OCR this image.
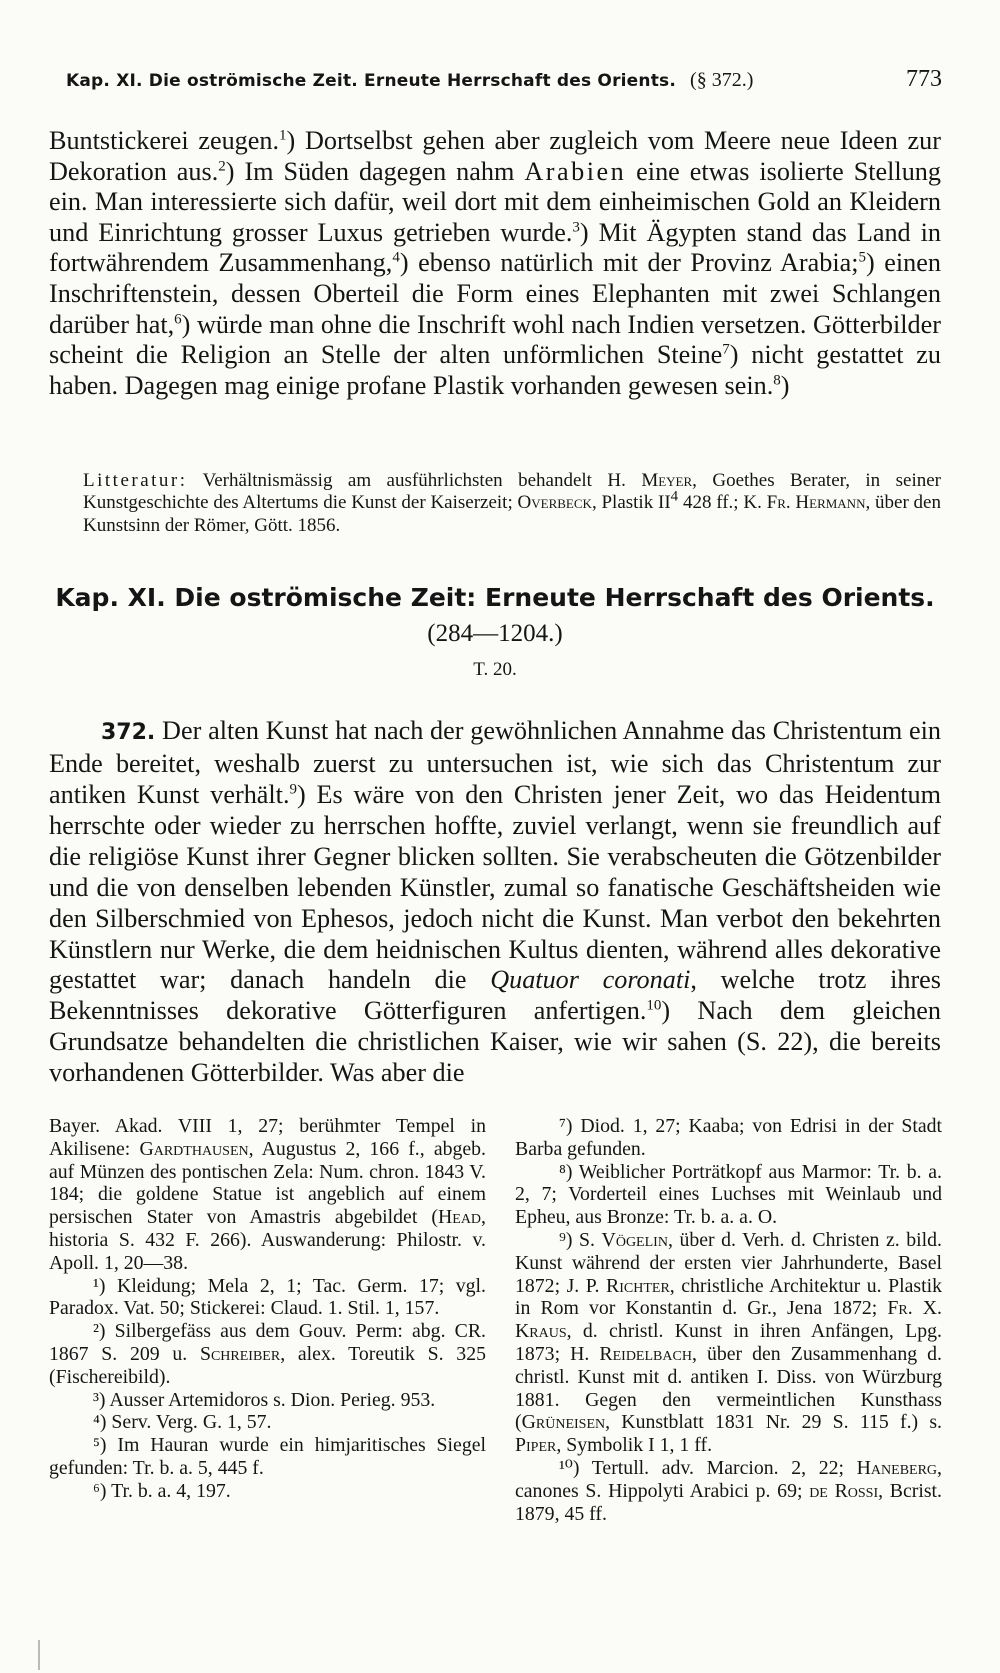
Kap. XI. Die oströmische Zeit. Erneute Herrschaft des Orients. (§ 372.)	773

Buntstickerei zeugen.$^1$) Dortselbst gehen aber zugleich vom Meere neue Ideen zur Dekoration aus.$^2$) Im Süden dagegen nahm Arabien eine etwas isolierte Stellung ein. Man interessierte sich dafür, weil dort mit dem einheimischen Gold an Kleidern und Einrichtung grosser Luxus getrieben wurde.$^3$) Mit Ägypten stand das Land in fortwährendem Zusammenhang,$^4$) ebenso natürlich mit der Provinz Arabia;$^5$) einen Inschriftenstein, dessen Oberteil die Form eines Elephanten mit zwei Schlangen darüber hat,$^6$) würde man ohne die Inschrift wohl nach Indien versetzen. Götterbilder scheint die Religion an Stelle der alten unförmlichen Steine$^7$) nicht gestattet zu haben. Dagegen mag einige profane Plastik vorhanden gewesen sein.$^8$)

Litteratur: Verhältnismässig am ausführlichsten behandelt H. Meyer, Goethes Berater, in seiner Kunstgeschichte des Altertums die Kunst der Kaiserzeit; Overbeck, Plastik $II^4$ 428 ff.; K. Fr. Hermann, über den Kunstsinn der Römer, Gött. 1856.
Kap. XI. Die oströmische Zeit: Erneute Herrschaft des Orients.
(284—1204.)
T. 20.

372. Der alten Kunst hat nach der gewöhnlichen Annahme das Christentum ein Ende bereitet, weshalb zuerst zu untersuchen ist, wie sich das Christentum zur antiken Kunst verhält.$^9$) Es wäre von den Christen jener Zeit, wo das Heidentum herrschte oder wieder zu herrschen hoffte, zuviel verlangt, wenn sie freundlich auf die religiöse Kunst ihrer Gegner blicken sollten. Sie verabscheuten die Götzenbilder und die von denselben lebenden Künstler, zumal so fanatische Geschäftsheiden wie den Silberschmied von Ephesos, jedoch nicht die Kunst. Man verbot den bekehrten Künstlern nur Werke, die dem heidnischen Kultus dienten, während alles dekorative gestattet war; danach handeln die Quatuor coronati, welche trotz ihres Bekenntnisses dekorative Götterfiguren anfertigen.$^{10}$) Nach dem gleichen Grundsatze behandelten die christlichen Kaiser, wie wir sahen (S. 22), die bereits vorhandenen Götterbilder. Was aber die

Bayer. Akad. VIII 1, 27; berühmter Tempel in Akilisene: Gardthausen, Augustus 2, 166 f., abgeb. auf Münzen des pontischen Zela: Num. chron. 1843 V. 184; die goldene Statue ist angeblich auf einem persischen Stater von Amastris abgebildet (Head, historia S. 432 F. 266). Auswanderung: Philostr. v. Apoll. 1, 20—38.

¹) Kleidung; Mela 2, 1; Tac. Germ. 17; vgl. Paradox. Vat. 50; Stickerei: Claud. 1. Stil. 1, 157.

²) Silbergefäss aus dem Gouv. Perm: abg. CR. 1867 S. 209 u. Schreiber, alex. Toreutik S. 325 (Fischereibild).

³) Ausser Artemidoros s. Dion. Perieg. 953.

⁴) Serv. Verg. G. 1, 57.

⁵) Im Hauran wurde ein himjaritisches Siegel gefunden: Tr. b. a. 5, 445 f.

⁶) Tr. b. a. 4, 197.

⁷) Diod. 1, 27; Kaaba; von Edrisi in der Stadt Barba gefunden.

⁸) Weiblicher Porträtkopf aus Marmor: Tr. b. a. 2, 7; Vorderteil eines Luchses mit Weinlaub und Epheu, aus Bronze: Tr. b. a. a. O.

⁹) S. Vögelin, über d. Verh. d. Christen z. bild. Kunst während der ersten vier Jahrhunderte, Basel 1872; J. P. Richter, christliche Architektur u. Plastik in Rom vor Konstantin d. Gr., Jena 1872; Fr. X. Kraus, d. christl. Kunst in ihren Anfängen, Lpg. 1873; H. Reidelbach, über den Zusammenhang d. christl. Kunst mit d. antiken I. Diss. von Würzburg 1881. Gegen den vermeintlichen Kunsthass (Grüneisen, Kunstblatt 1831 Nr. 29 S. 115 f.) s. Piper, Symbolik I 1, 1 ff.

¹⁰) Tertull. adv. Marcion. 2, 22; Haneberg, canones S. Hippolyti Arabici p. 69; de Rossi, Bcrist. 1879, 45 ff.
